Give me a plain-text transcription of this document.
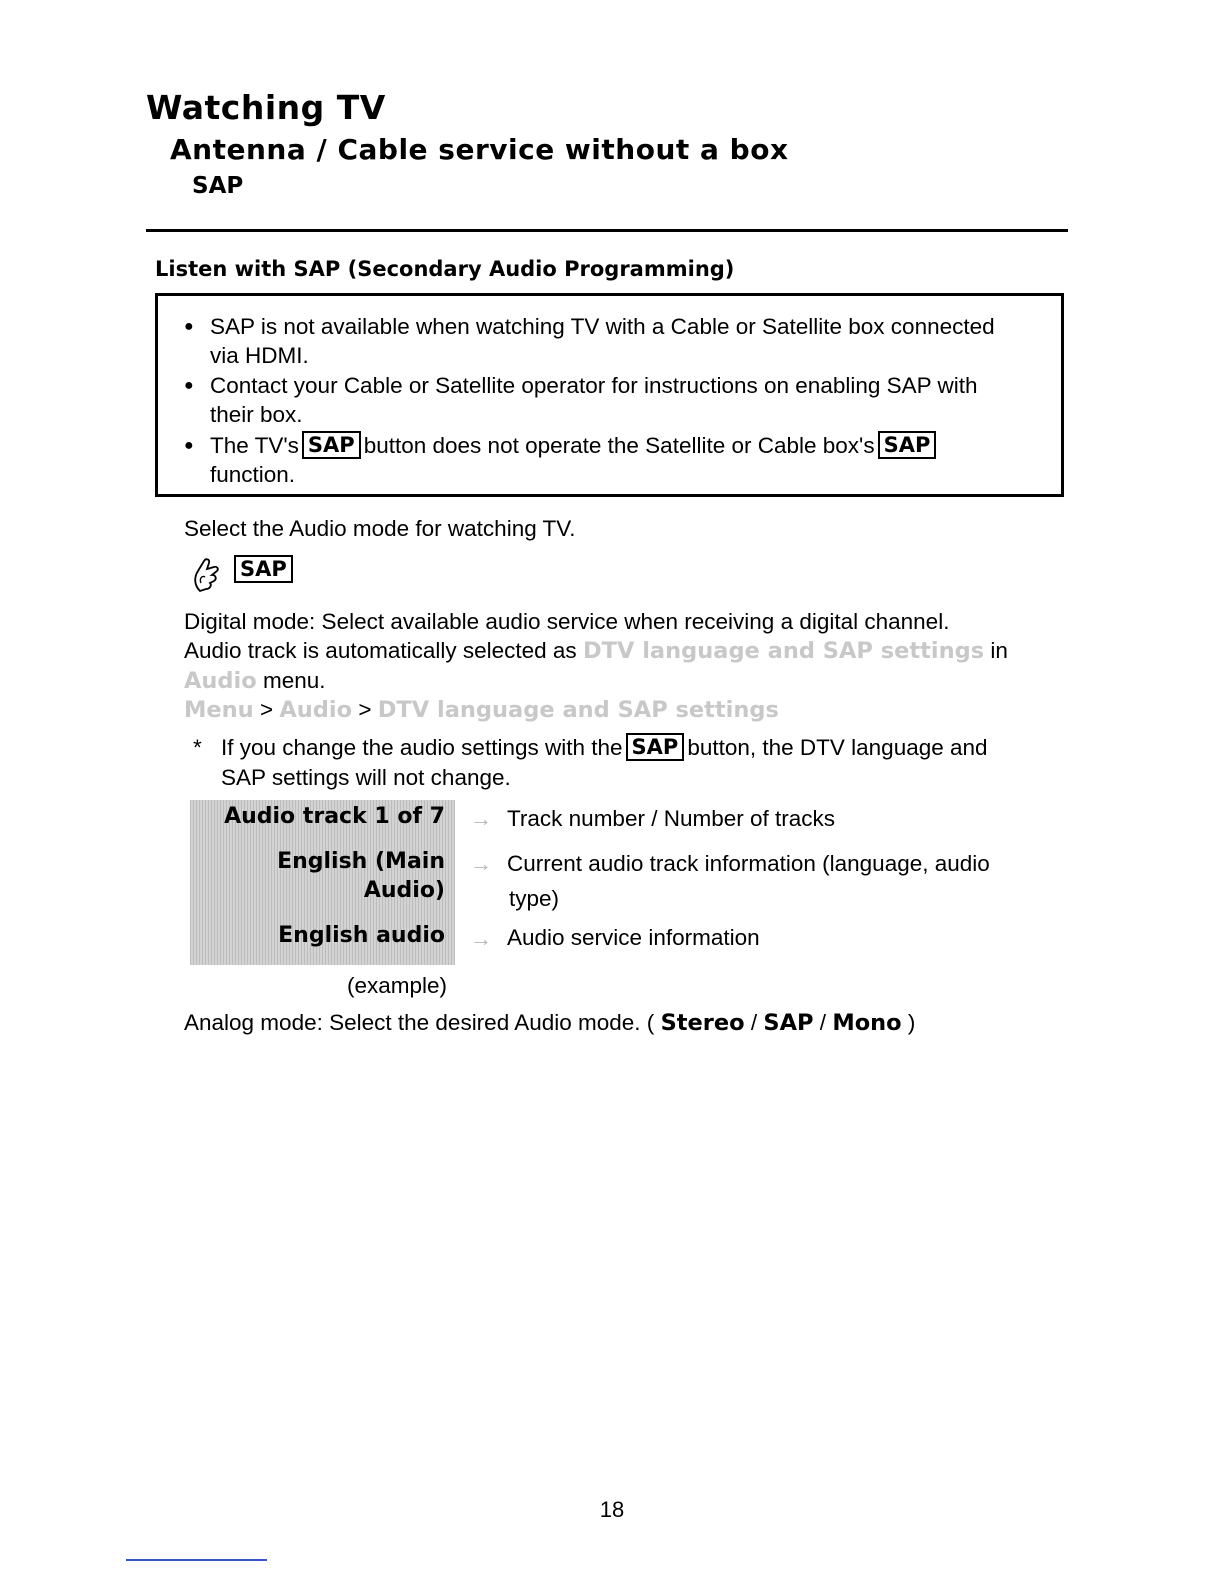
Watching TV
Antenna / Cable service without a box
SAP
Listen with SAP (Secondary Audio Programming)
● SAP is not available when watching TV with a Cable or Satellite box connected
via HDMI.
● Contact your Cable or Satellite operator for instructions on enabling SAP with
their box.
● The TV's SAP button does not operate the Satellite or Cable box's SAP
function.
Select the Audio mode for watching TV.
SAP
Digital mode: Select available audio service when receiving a digital channel.
Audio track is automatically selected as DTV language and SAP settings in
Audio menu.
Menu > Audio > DTV language and SAP settings
* If you change the audio settings with the SAP button, the DTV language and
SAP settings will not change.
Audio track 1 of 7
English (Main
Audio)
English audio
(example)
→ Track number / Number of tracks
→ Current audio track information (language, audio
type)
→ Audio service information
Analog mode: Select the desired Audio mode. ( Stereo / SAP / Mono )
18
